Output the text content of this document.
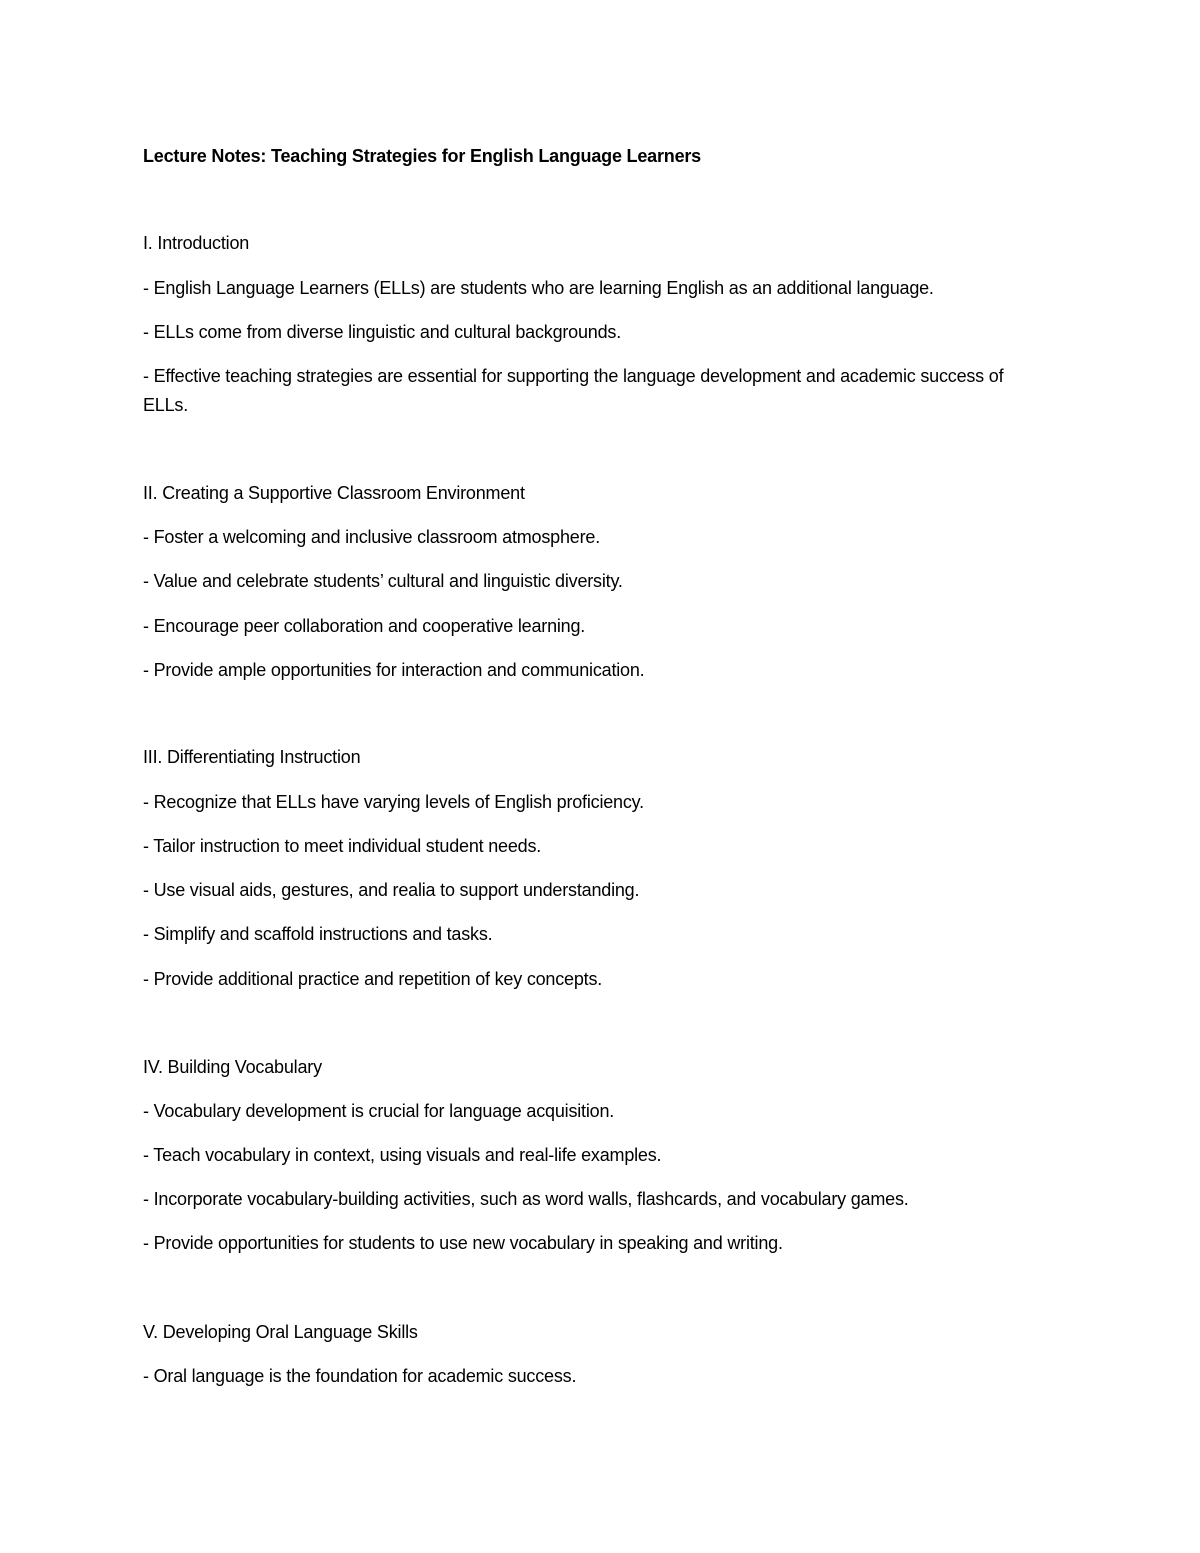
Lecture Notes: Teaching Strategies for English Language Learners
I. Introduction
- English Language Learners (ELLs) are students who are learning English as an additional language.
- ELLs come from diverse linguistic and cultural backgrounds.
- Effective teaching strategies are essential for supporting the language development and academic success of ELLs.
II. Creating a Supportive Classroom Environment
- Foster a welcoming and inclusive classroom atmosphere.
- Value and celebrate students’ cultural and linguistic diversity.
- Encourage peer collaboration and cooperative learning.
- Provide ample opportunities for interaction and communication.
III. Differentiating Instruction
- Recognize that ELLs have varying levels of English proficiency.
- Tailor instruction to meet individual student needs.
- Use visual aids, gestures, and realia to support understanding.
- Simplify and scaffold instructions and tasks.
- Provide additional practice and repetition of key concepts.
IV. Building Vocabulary
- Vocabulary development is crucial for language acquisition.
- Teach vocabulary in context, using visuals and real-life examples.
- Incorporate vocabulary-building activities, such as word walls, flashcards, and vocabulary games.
- Provide opportunities for students to use new vocabulary in speaking and writing.
V. Developing Oral Language Skills
- Oral language is the foundation for academic success.
